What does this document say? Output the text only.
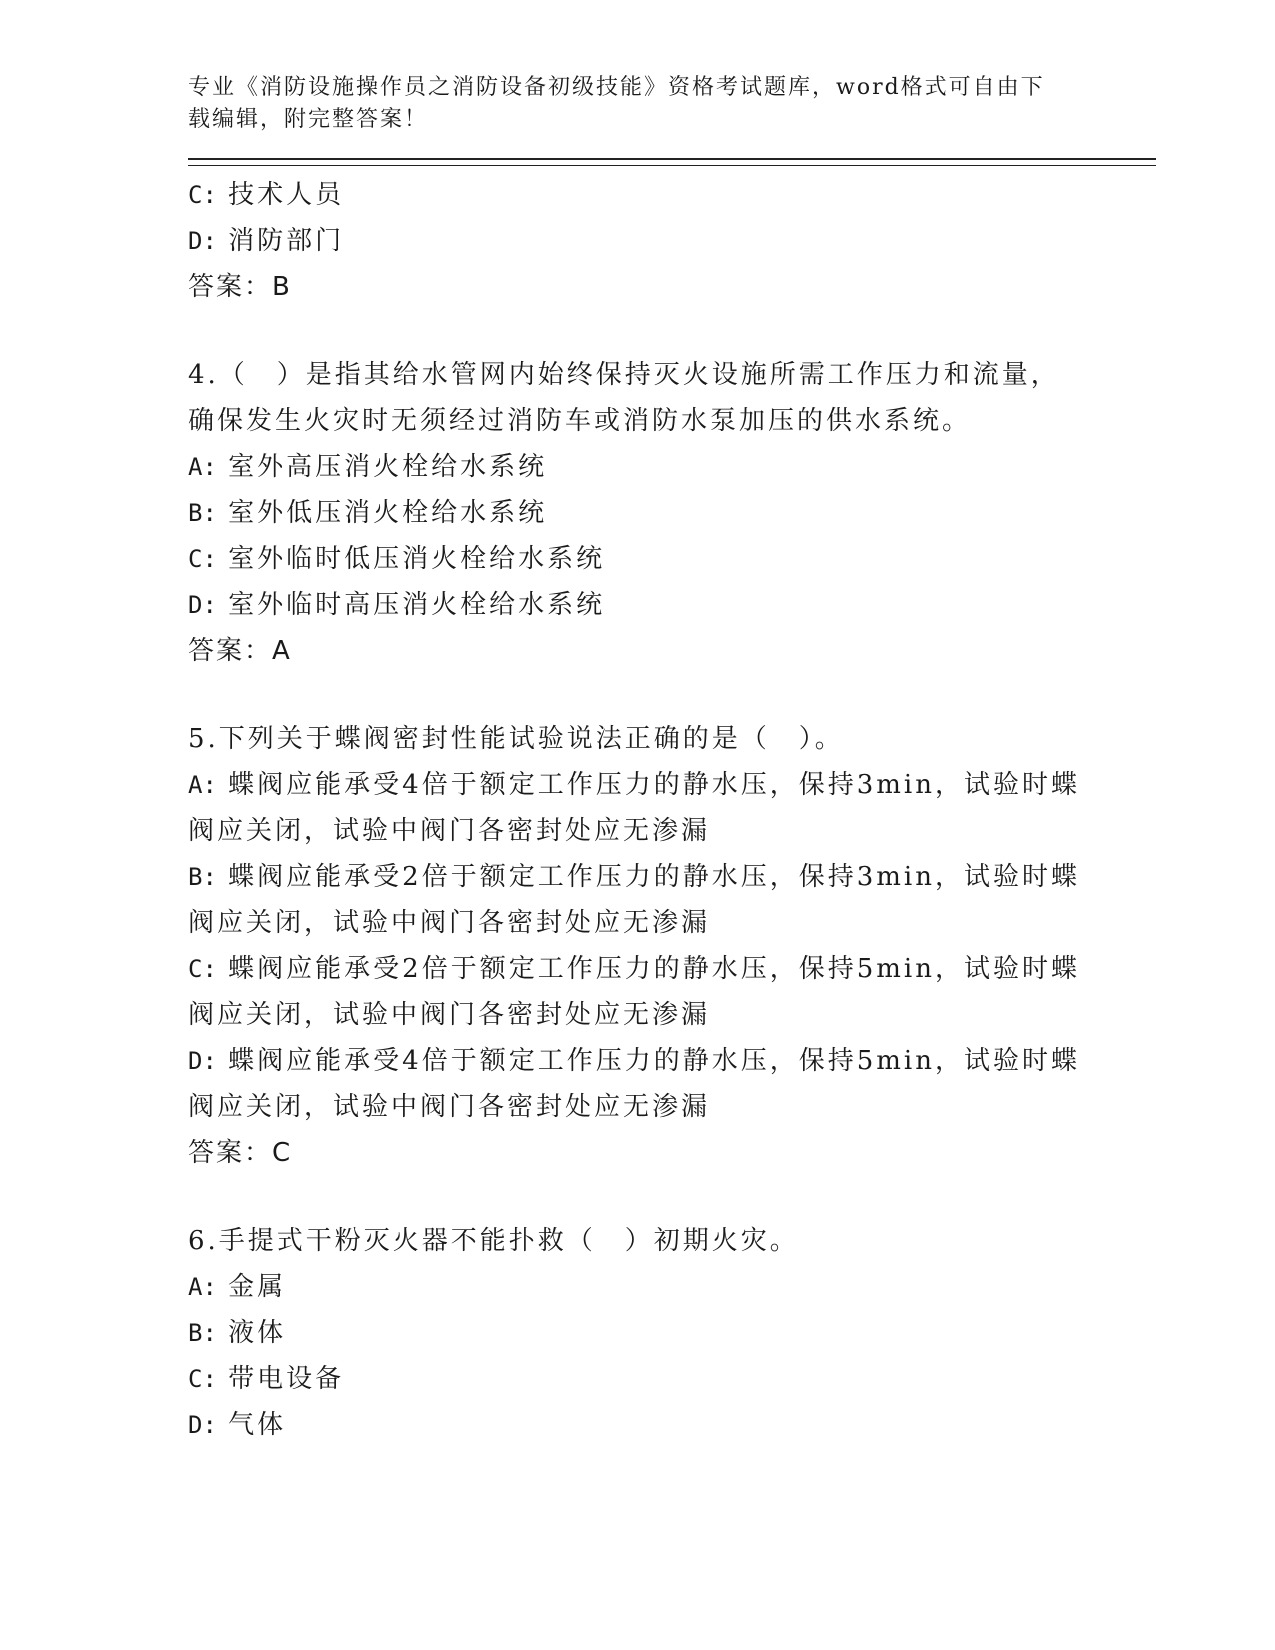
专业《消防设施操作员之消防设备初级技能》资格考试题库，word格式可自由下载编辑，附完整答案！
C: 技术人员
D: 消防部门
答案：B
4.（　）是指其给水管网内始终保持灭火设施所需工作压力和流量，
确保发生火灾时无须经过消防车或消防水泵加压的供水系统。
A: 室外高压消火栓给水系统
B: 室外低压消火栓给水系统
C: 室外临时低压消火栓给水系统
D: 室外临时高压消火栓给水系统
答案：A
5.下列关于蝶阀密封性能试验说法正确的是（　）。
A: 蝶阀应能承受4倍于额定工作压力的静水压，保持3min，试验时蝶
阀应关闭，试验中阀门各密封处应无渗漏
B: 蝶阀应能承受2倍于额定工作压力的静水压，保持3min，试验时蝶
阀应关闭，试验中阀门各密封处应无渗漏
C: 蝶阀应能承受2倍于额定工作压力的静水压，保持5min，试验时蝶
阀应关闭，试验中阀门各密封处应无渗漏
D: 蝶阀应能承受4倍于额定工作压力的静水压，保持5min，试验时蝶
阀应关闭，试验中阀门各密封处应无渗漏
答案：C
6.手提式干粉灭火器不能扑救（　）初期火灾。
A: 金属
B: 液体
C: 带电设备
D: 气体
